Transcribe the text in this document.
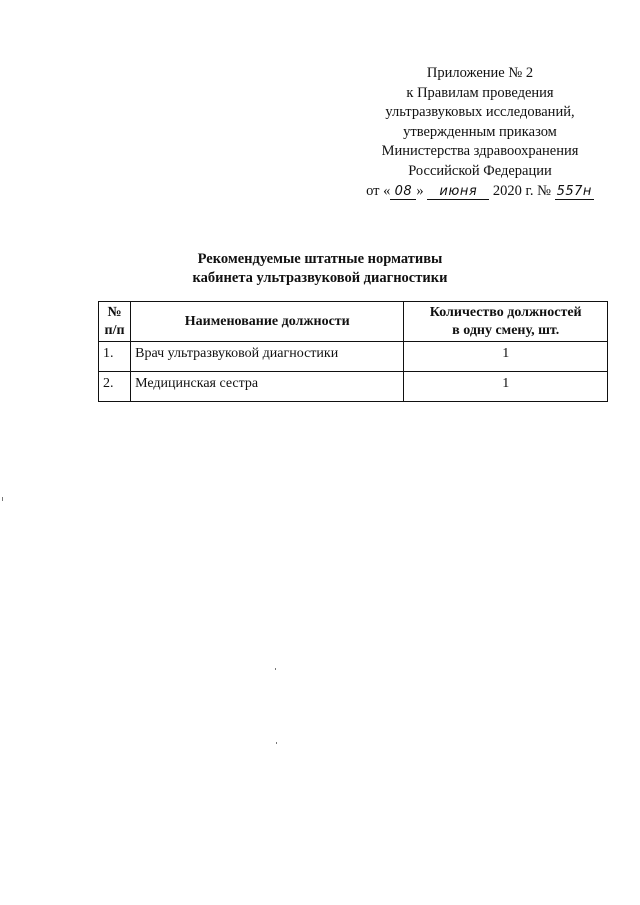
Приложение № 2
к Правилам проведения
ультразвуковых исследований,
утвержденным приказом
Министерства здравоохранения
Российской Федерации
от « 08 » июня 2020 г. № 557н
Рекомендуемые штатные нормативы
кабинета ультразвуковой диагностики
№
п/п	Наименование должности	Количество должностей
в одну смену, шт.

1.	Врач ультразвуковой диагностики	1
2.	Медицинская сестра	1
